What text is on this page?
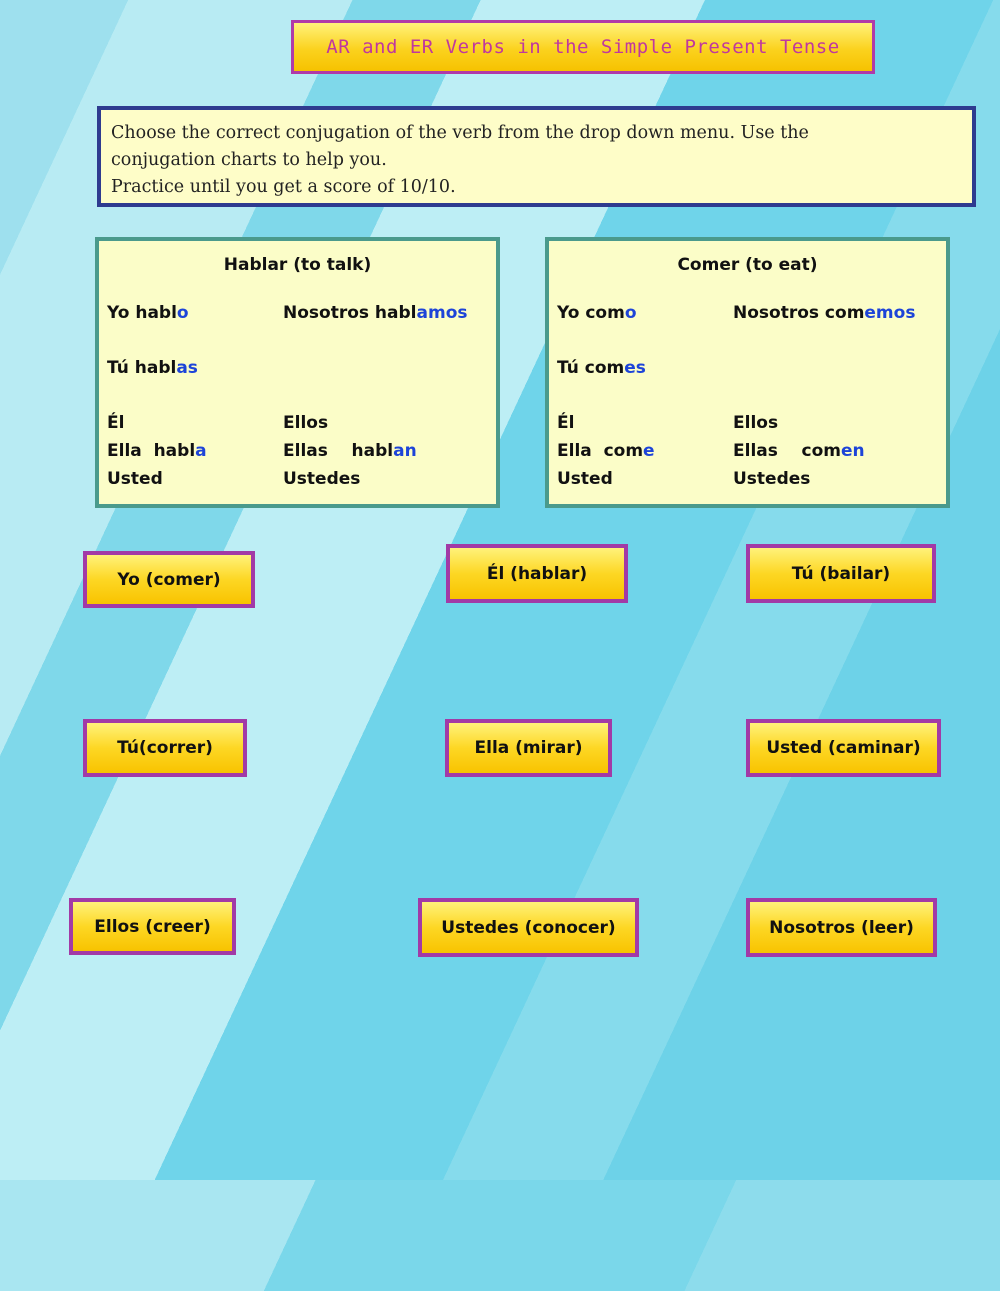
AR and ER Verbs in the Simple Present Tense
Choose the correct conjugation of the verb from the drop down menu. Use the
conjugation charts to help you.
Practice until you get a score of 10/10.
Hablar (to talk)
Yo hablo	Nosotros hablamos
Tú hablas
Él	Ellos
Ella  habla	Ellas    hablan
Usted	Ustedes
Comer (to eat)
Yo como	Nosotros comemos
Tú comes
Él	Ellos
Ella  come	Ellas    comen
Usted	Ustedes
Yo (comer)	Él (hablar)	Tú (bailar)
Tú(correr)	Ella (mirar)	Usted (caminar)
Ellos (creer)	Ustedes (conocer)	Nosotros (leer)
